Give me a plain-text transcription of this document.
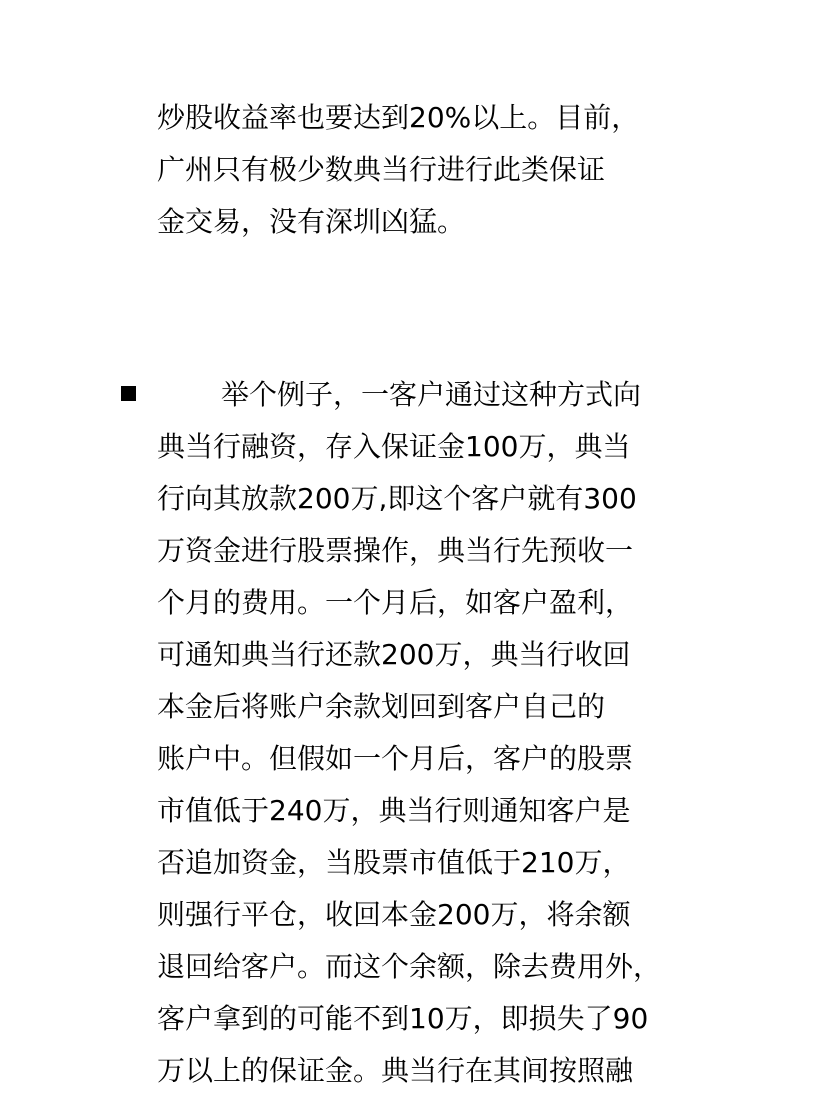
炒股收益率也要达到20%以上。目前，
广州只有极少数典当行进行此类保证
金交易，没有深圳凶猛。
举个例子，一客户通过这种方式向
典当行融资，存入保证金100万，典当
行向其放款200万,即这个客户就有300
万资金进行股票操作，典当行先预收一
个月的费用。一个月后，如客户盈利，
可通知典当行还款200万，典当行收回
本金后将账户余款划回到客户自己的
账户中。但假如一个月后，客户的股票
市值低于240万，典当行则通知客户是
否追加资金，当股票市值低于210万，
则强行平仓，收回本金200万，将余额
退回给客户。而这个余额，除去费用外，
客户拿到的可能不到10万，即损失了90
万以上的保证金。典当行在其间按照融
